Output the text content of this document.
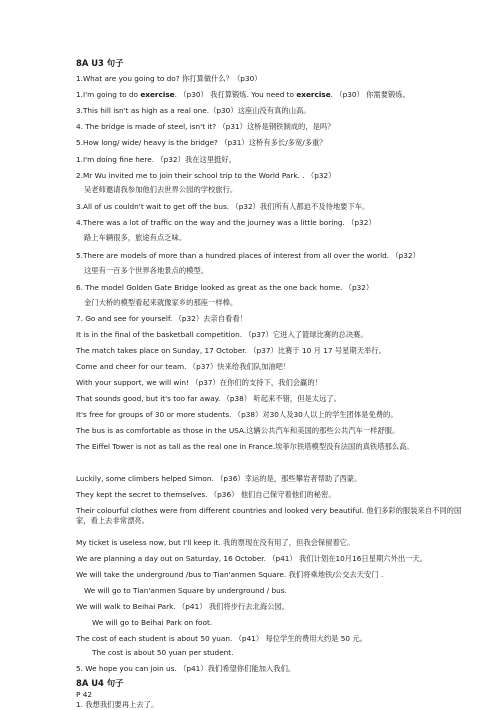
8A U3 句子
1.What are you going to do? 你打算做什么？（p30）
1.I'm going to do exercise. （p30） 我打算锻炼. You need to exercise. （p30） 你需要锻炼。
3.This hill isn't as high as a real one.（p30）这座山没有真的山高。
4. The bridge is made of steel, isn't it? （p31）这桥是钢铁制成的，是吗？
5.How long/ wide/ heavy is the bridge? （p31）这桥有多长/多宽/多重？
1.I'm doing fine here. （p32）我在这里挺好。
2.Mr Wu invited me to join their school trip to the World Park. . （p32）
吴老师邀请我参加他们去世界公园的学校旅行。
3.All of us couldn't wait to get off the bus. （p32）我们所有人都迫不及待地要下车。
4.There was a lot of traffic on the way and the journey was a little boring. （p32）
路上车辆很多，旅途有点乏味。
5.There are models of more than a hundred places of interest from all over the world. （p32）
这里有一百多个世界各地景点的模型。
6. The model Golden Gate Bridge looked as great as the one back home. （p32）
金门大桥的模型看起来就像家乡的那座一样棒。
7. Go and see for yourself. （p32）去亲自看看！
It is in the final of the basketball competition. （p37）它进入了篮球比赛的总决赛。
The match takes place on Sunday, 17 October. （p37）比赛于 10 月 17 号星期天举行。
Come and cheer for our team. （p37）快来给我们队加油吧！
With your support, we will win! （p37）在你们的支持下，我们会赢的！
That sounds good, but it's too far away. （p38） 听起来不错，但是太远了。
It's free for groups of 30 or more students. （p38）对30人及30人以上的学生团体是免费的。
The bus is as comfortable as those in the USA.这辆公共汽车和美国的那些公共汽车一样舒服。
The Eiffel Tower is not as tall as the real one in France.埃菲尔铁塔模型没有法国的真铁塔那么高。
Luckily, some climbers helped Simon. （p36）幸运的是，那些攀岩者帮助了西蒙。
They kept the secret to themselves. （p36） 他们自己保守着他们的秘密。
Their colourful clothes were from different countries and looked very beautiful. 他们多彩的服装来自不同的国家，看上去非常漂亮。
My ticket is useless now, but I'll keep it. 我的票现在没有用了，但我会保留着它。
We are planning a day out on Saturday, 16 October. （p41） 我们计划在10月16日星期六外出一天。
We will take the underground /bus to Tian'anmen Square. 我们将乘地铁/公交去天安门 .
We will go to Tian'anmen Square by underground / bus.
We will walk to Beihai Park. （p41） 我们将步行去北海公园。
We will go to Beihai Park on foot.
The cost of each student is about 50 yuan. （p41） 每位学生的费用大约是 50 元。
The cost is about 50 yuan per student.
5. We hope you can join us. （p41）我们希望你们能加入我们。
8A U4 句子
P 42
1. 我想我们要再上去了。
